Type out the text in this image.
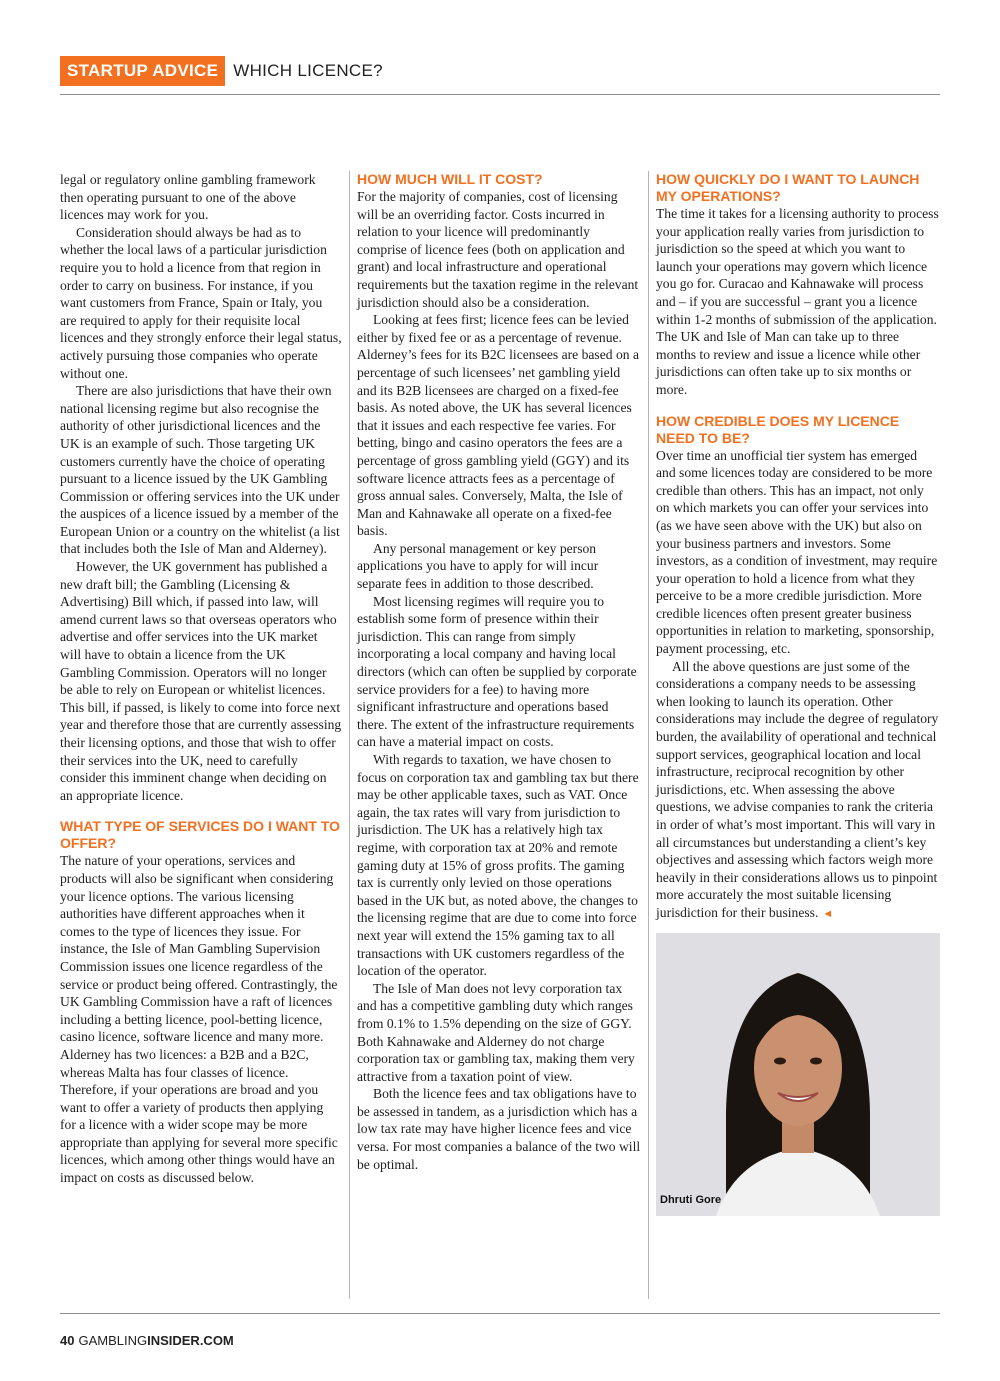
STARTUP ADVICE WHICH LICENCE?

legal or regulatory online gambling framework then operating pursuant to one of the above licences may work for you.

Consideration should always be had as to whether the local laws of a particular jurisdiction require you to hold a licence from that region in order to carry on business. For instance, if you want customers from France, Spain or Italy, you are required to apply for their requisite local licences and they strongly enforce their legal status, actively pursuing those companies who operate without one.

There are also jurisdictions that have their own national licensing regime but also recognise the authority of other jurisdictional licences and the UK is an example of such. Those targeting UK customers currently have the choice of operating pursuant to a licence issued by the UK Gambling Commission or offering services into the UK under the auspices of a licence issued by a member of the European Union or a country on the whitelist (a list that includes both the Isle of Man and Alderney).

However, the UK government has published a new draft bill; the Gambling (Licensing & Advertising) Bill which, if passed into law, will amend current laws so that overseas operators who advertise and offer services into the UK market will have to obtain a licence from the UK Gambling Commission. Operators will no longer be able to rely on European or whitelist licences. This bill, if passed, is likely to come into force next year and therefore those that are currently assessing their licensing options, and those that wish to offer their services into the UK, need to carefully consider this imminent change when deciding on an appropriate licence.

WHAT TYPE OF SERVICES DO I WANT TO OFFER?

The nature of your operations, services and products will also be significant when considering your licence options. The various licensing authorities have different approaches when it comes to the type of licences they issue. For instance, the Isle of Man Gambling Supervision Commission issues one licence regardless of the service or product being offered. Contrastingly, the UK Gambling Commission have a raft of licences including a betting licence, pool-betting licence, casino licence, software licence and many more. Alderney has two licences: a B2B and a B2C, whereas Malta has four classes of licence. Therefore, if your operations are broad and you want to offer a variety of products then applying for a licence with a wider scope may be more appropriate than applying for several more specific licences, which among other things would have an impact on costs as discussed below.

HOW MUCH WILL IT COST?

For the majority of companies, cost of licensing will be an overriding factor. Costs incurred in relation to your licence will predominantly comprise of licence fees (both on application and grant) and local infrastructure and operational requirements but the taxation regime in the relevant jurisdiction should also be a consideration.

Looking at fees first; licence fees can be levied either by fixed fee or as a percentage of revenue. Alderney’s fees for its B2C licensees are based on a percentage of such licensees’ net gambling yield and its B2B licensees are charged on a fixed-fee basis. As noted above, the UK has several licences that it issues and each respective fee varies. For betting, bingo and casino operators the fees are a percentage of gross gambling yield (GGY) and its software licence attracts fees as a percentage of gross annual sales. Conversely, Malta, the Isle of Man and Kahnawake all operate on a fixed-fee basis.

Any personal management or key person applications you have to apply for will incur separate fees in addition to those described.

Most licensing regimes will require you to establish some form of presence within their jurisdiction. This can range from simply incorporating a local company and having local directors (which can often be supplied by corporate service providers for a fee) to having more significant infrastructure and operations based there. The extent of the infrastructure requirements can have a material impact on costs.

With regards to taxation, we have chosen to focus on corporation tax and gambling tax but there may be other applicable taxes, such as VAT. Once again, the tax rates will vary from jurisdiction to jurisdiction. The UK has a relatively high tax regime, with corporation tax at 20% and remote gaming duty at 15% of gross profits. The gaming tax is currently only levied on those operations based in the UK but, as noted above, the changes to the licensing regime that are due to come into force next year will extend the 15% gaming tax to all transactions with UK customers regardless of the location of the operator.

The Isle of Man does not levy corporation tax and has a competitive gambling duty which ranges from 0.1% to 1.5% depending on the size of GGY. Both Kahnawake and Alderney do not charge corporation tax or gambling tax, making them very attractive from a taxation point of view.

Both the licence fees and tax obligations have to be assessed in tandem, as a jurisdiction which has a low tax rate may have higher licence fees and vice versa. For most companies a balance of the two will be optimal.

HOW QUICKLY DO I WANT TO LAUNCH MY OPERATIONS?

The time it takes for a licensing authority to process your application really varies from jurisdiction to jurisdiction so the speed at which you want to launch your operations may govern which licence you go for. Curacao and Kahnawake will process and – if you are successful – grant you a licence within 1-2 months of submission of the application. The UK and Isle of Man can take up to three months to review and issue a licence while other jurisdictions can often take up to six months or more.

HOW CREDIBLE DOES MY LICENCE NEED TO BE?

Over time an unofficial tier system has emerged and some licences today are considered to be more credible than others. This has an impact, not only on which markets you can offer your services into (as we have seen above with the UK) but also on your business partners and investors. Some investors, as a condition of investment, may require your operation to hold a licence from what they perceive to be a more credible jurisdiction. More credible licences often present greater business opportunities in relation to marketing, sponsorship, payment processing, etc.

All the above questions are just some of the considerations a company needs to be assessing when looking to launch its operation. Other considerations may include the degree of regulatory burden, the availability of operational and technical support services, geographical location and local infrastructure, reciprocal recognition by other jurisdictions, etc. When assessing the above questions, we advise companies to rank the criteria in order of what’s most important. This will vary in all circumstances but understanding a client’s key objectives and assessing which factors weigh more heavily in their considerations allows us to pinpoint more accurately the most suitable licensing jurisdiction for their business. ◄

Dhruti Gore
40 GAMBLINGINSIDER.COM
